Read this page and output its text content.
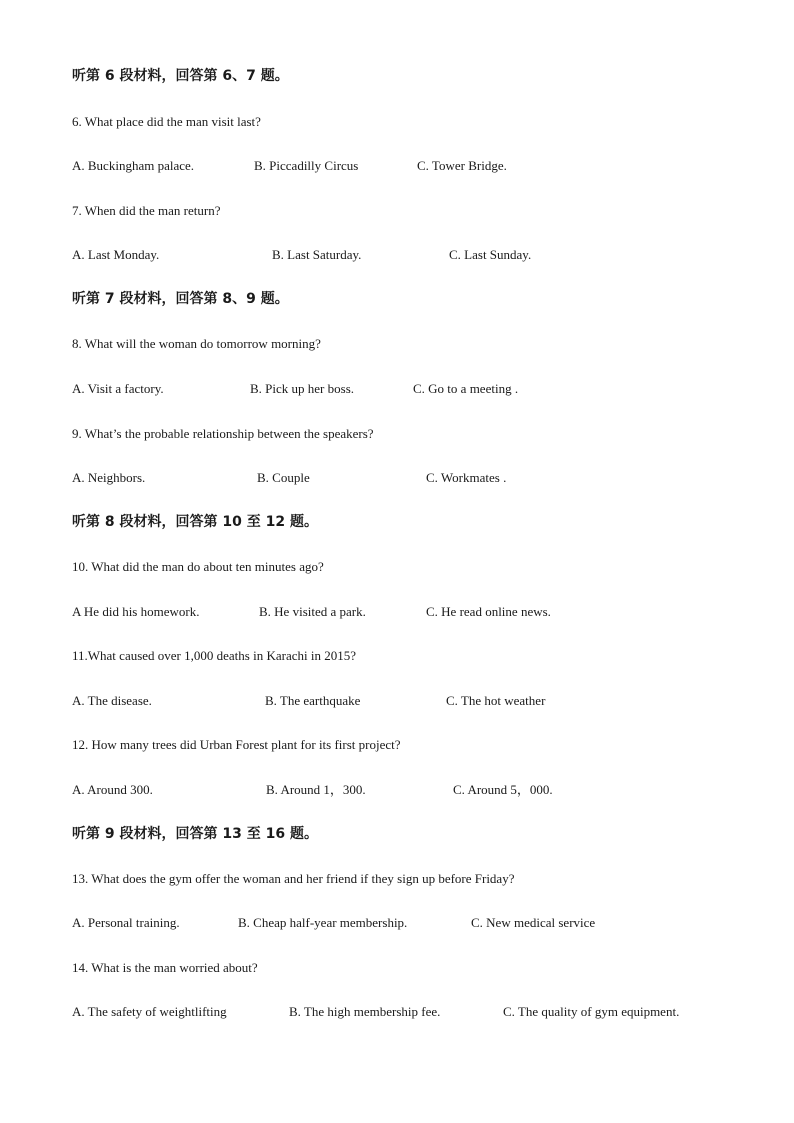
听第 6 段材料，回答第 6、7 题。
6. What place did the man visit last?
A. Buckingham palace.	B. Piccadilly Circus	C. Tower Bridge.
7. When did the man return?
A. Last Monday.	B. Last Saturday.	C. Last Sunday.
听第 7 段材料，回答第 8、9 题。
8. What will the woman do tomorrow morning?
A. Visit a factory.	B. Pick up her boss.	C. Go to a meeting .
9. What’s the probable relationship between the speakers?
A. Neighbors.	B. Couple	C. Workmates .
听第 8 段材料，回答第 10 至 12 题。
10. What did the man do about ten minutes ago?
A He did his homework.	B. He visited a park.	C. He read online news.
11.What caused over 1,000 deaths in Karachi in 2015?
A. The disease.	B. The earthquake	C. The hot weather
12. How many trees did Urban Forest plant for its first project?
A. Around 300.	B. Around 1，300.	C. Around 5，000.
听第 9 段材料，回答第 13 至 16 题。
13. What does the gym offer the woman and her friend if they sign up before Friday?
A. Personal training.	B. Cheap half-year membership.	C. New medical service
14. What is the man worried about?
A. The safety of weightlifting	B. The high membership fee.	C. The quality of gym equipment.
